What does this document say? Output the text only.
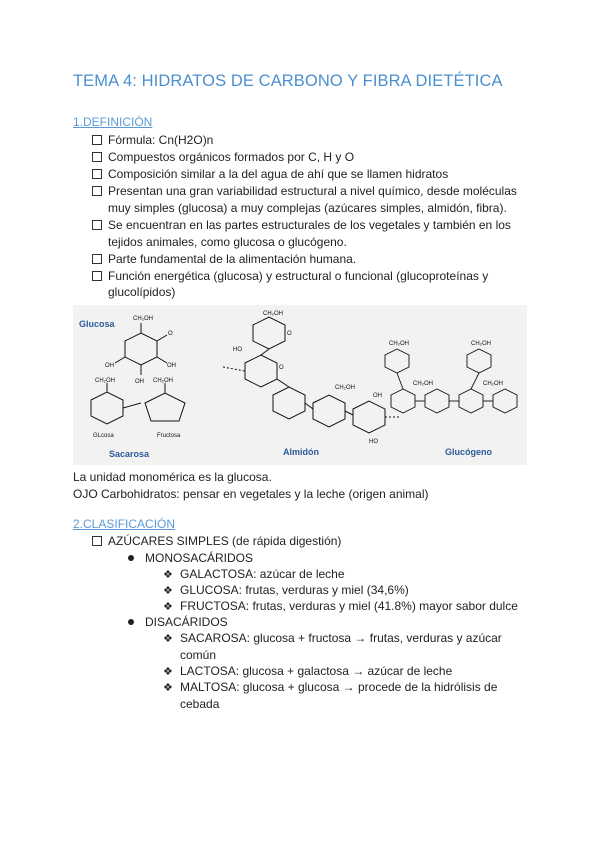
TEMA 4: HIDRATOS DE CARBONO Y FIBRA DIETÉTICA
1.DEFINICIÓN
Fórmula: Cn(H2O)n
Compuestos orgánicos formados por C, H y O
Composición similar a la del agua de ahí que se llamen hidratos
Presentan una gran variabilidad estructural a nivel químico, desde moléculas muy simples (glucosa) a muy complejas (azúcares simples, almidón, fibra).
Se encuentran en las partes estructurales de los vegetales y también en los tejidos animales, como glucosa o glucógeno.
Parte fundamental de la alimentación humana.
Función energética (glucosa) y estructural o funcional (glucoproteínas y glucolípidos)
Glucosa	CH₂OH
O
OH
OH
OH
CH₂OH	CH₂OH
GLcosa	Fructosa
Sacarosa
CH₂OH
HO
O
O
CH₂OH
OH
HO
Almidón
CH₂OH	CH₂OH
CH₂OH	CH₂OH
Glucógeno
La unidad monomérica es la glucosa.
OJO Carbohidratos: pensar en vegetales y la leche (origen animal)
2.CLASIFICACIÓN
AZÚCARES SIMPLES (de rápida digestión)
MONOSACÁRIDOS
❖ GALACTOSA: azúcar de leche
❖ GLUCOSA: frutas, verduras y miel (34,6%)
❖ FRUCTOSA: frutas, verduras y miel (41.8%) mayor sabor dulce
DISACÁRIDOS
❖ SACAROSA: glucosa + fructosa → frutas, verduras y azúcar común
❖ LACTOSA: glucosa + galactosa → azúcar de leche
❖ MALTOSA: glucosa + glucosa → procede de la hidrólisis de cebada
